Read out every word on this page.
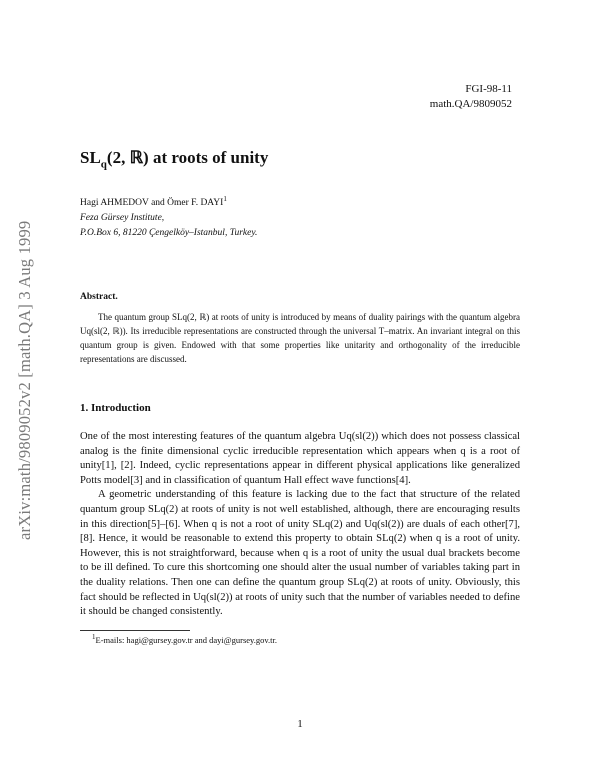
arXiv:math/9809052v2 [math.QA] 3 Aug 1999
FGI-98-11
math.QA/9809052
$SL_q(2$, ℝ) at roots of unity
Hagi AHMEDOV and Ömer F. DAYI$^1$
Feza Gürsey Institute,
P.O.Box 6, 81220 Çengelköy–Istanbul, Turkey.
Abstract.

The quantum group SLq(2, ℝ) at roots of unity is introduced by means of duality pairings with the quantum algebra Uq(sl(2, ℝ)). Its irreducible representations are constructed through the universal T–matrix. An invariant integral on this quantum group is given. Endowed with that some properties like unitarity and orthogonality of the irreducible representations are discussed.

1. Introduction

One of the most interesting features of the quantum algebra Uq(sl(2)) which does not possess classical analog is the finite dimensional cyclic irreducible representation which appears when q is a root of unity[1], [2]. Indeed, cyclic representations appear in different physical applications like generalized Potts model[3] and in classification of quantum Hall effect wave functions[4].

A geometric understanding of this feature is lacking due to the fact that structure of the related quantum group SLq(2) at roots of unity is not well established, although, there are encouraging results in this direction[5]–[6]. When q is not a root of unity SLq(2) and Uq(sl(2)) are duals of each other[7],[8]. Hence, it would be reasonable to extend this property to obtain SLq(2) when q is a root of unity. However, this is not straightforward, because when q is a root of unity the usual dual brackets become to be ill defined. To cure this shortcoming one should alter the usual number of variables taking part in the duality relations. Then one can define the quantum group SLq(2) at roots of unity. Obviously, this fact should be reflected in Uq(sl(2)) at roots of unity such that the number of variables needed to define it should be changed consistently.

$^1$E-mails: hagi@gursey.gov.tr and dayi@gursey.gov.tr.
1
